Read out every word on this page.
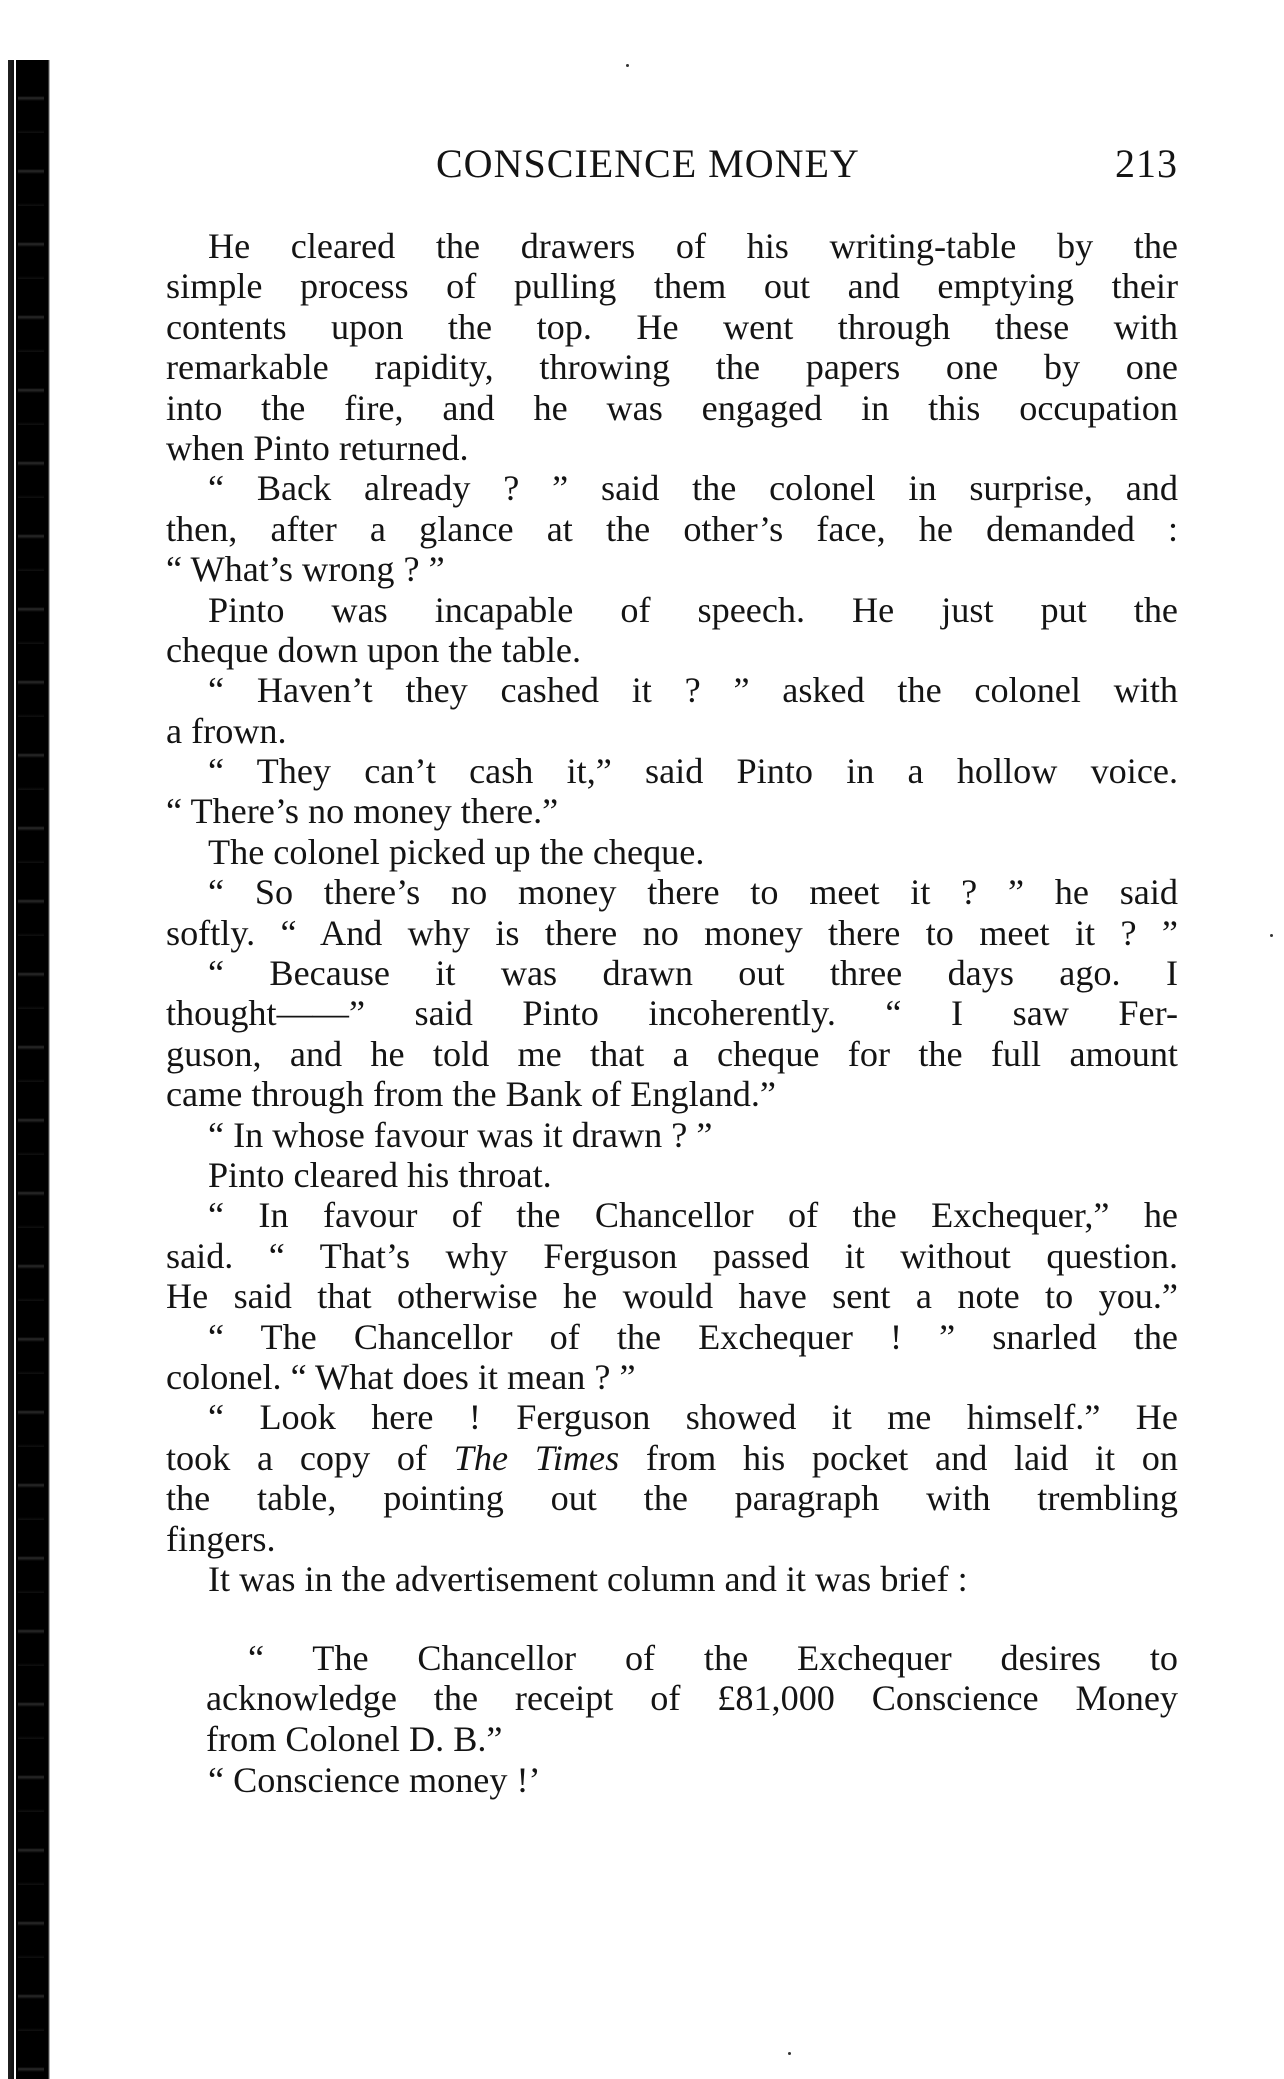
CONSCIENCE MONEY	213
He cleared the drawers of his writing-table by the
simple process of pulling them out and emptying their
contents upon the top. He went through these with
remarkable rapidity, throwing the papers one by one
into the fire, and he was engaged in this occupation
when Pinto returned.
“ Back already ? ” said the colonel in surprise, and
then, after a glance at the other’s face, he demanded :
“ What’s wrong ? ”
Pinto was incapable of speech. He just put the
cheque down upon the table.
“ Haven’t they cashed it ? ” asked the colonel with
a frown.
“ They can’t cash it,” said Pinto in a hollow voice.
“ There’s no money there.”
The colonel picked up the cheque.
“ So there’s no money there to meet it ? ” he said
softly. “ And why is there no money there to meet it ? ”
“ Because it was drawn out three days ago. I
thought——” said Pinto incoherently. “ I saw Fer-
guson, and he told me that a cheque for the full amount
came through from the Bank of England.”
“ In whose favour was it drawn ? ”
Pinto cleared his throat.
“ In favour of the Chancellor of the Exchequer,” he
said. “ That’s why Ferguson passed it without question.
He said that otherwise he would have sent a note to you.”
“ The Chancellor of the Exchequer ! ” snarled the
colonel. “ What does it mean ? ”
“ Look here ! Ferguson showed it me himself.” He
took a copy of The Times from his pocket and laid it on
the table, pointing out the paragraph with trembling
fingers.
It was in the advertisement column and it was brief :
“ The Chancellor of the Exchequer desires to
acknowledge the receipt of £81,000 Conscience Money
from Colonel D. B.”
“ Conscience money !’
